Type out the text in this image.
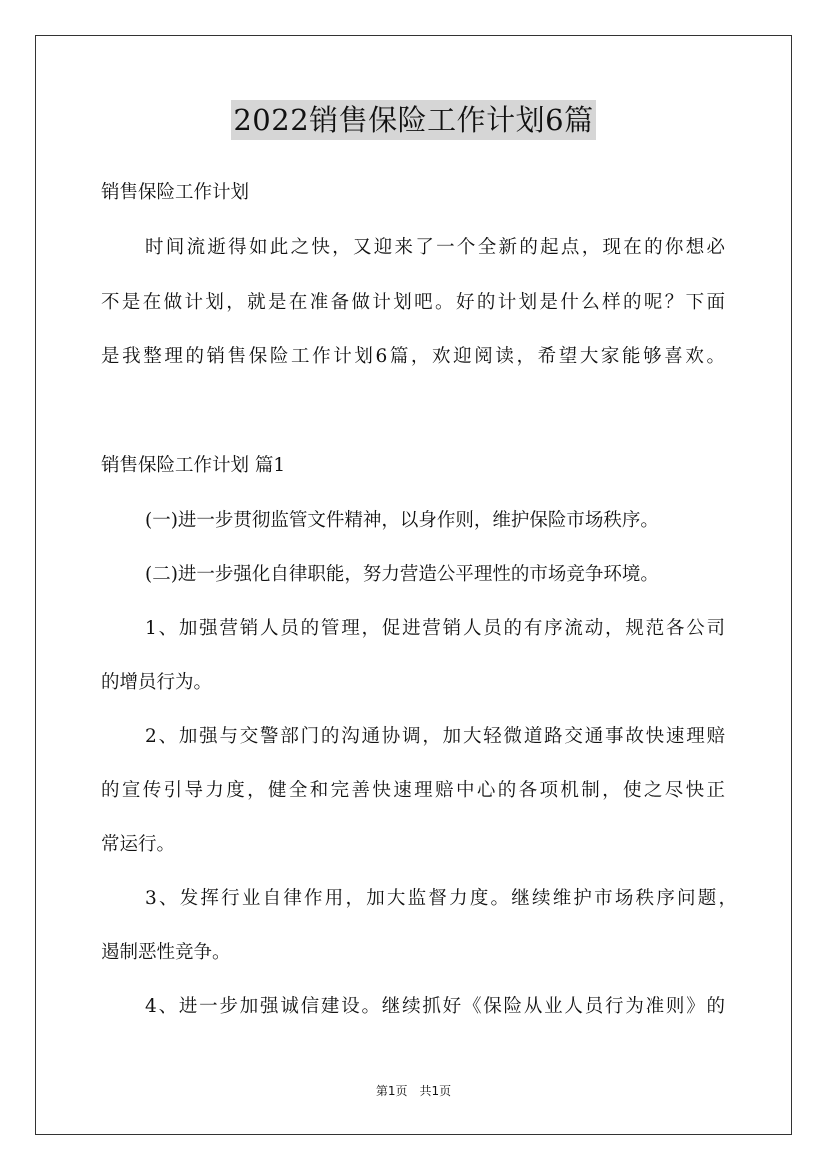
2022销售保险工作计划6篇
销售保险工作计划
时间流逝得如此之快，又迎来了一个全新的起点，现在的你想必
不是在做计划，就是在准备做计划吧。好的计划是什么样的呢？下面
是我整理的销售保险工作计划6篇，欢迎阅读，希望大家能够喜欢。
销售保险工作计划 篇1
(一)进一步贯彻监管文件精神，以身作则，维护保险市场秩序。
(二)进一步强化自律职能，努力营造公平理性的市场竞争环境。
1、加强营销人员的管理，促进营销人员的有序流动，规范各公司
的增员行为。
2、加强与交警部门的沟通协调，加大轻微道路交通事故快速理赔
的宣传引导力度，健全和完善快速理赔中心的各项机制，使之尽快正
常运行。
3、发挥行业自律作用，加大监督力度。继续维护市场秩序问题，
遏制恶性竞争。
4、进一步加强诚信建设。继续抓好《保险从业人员行为准则》的
第1页　共1页
